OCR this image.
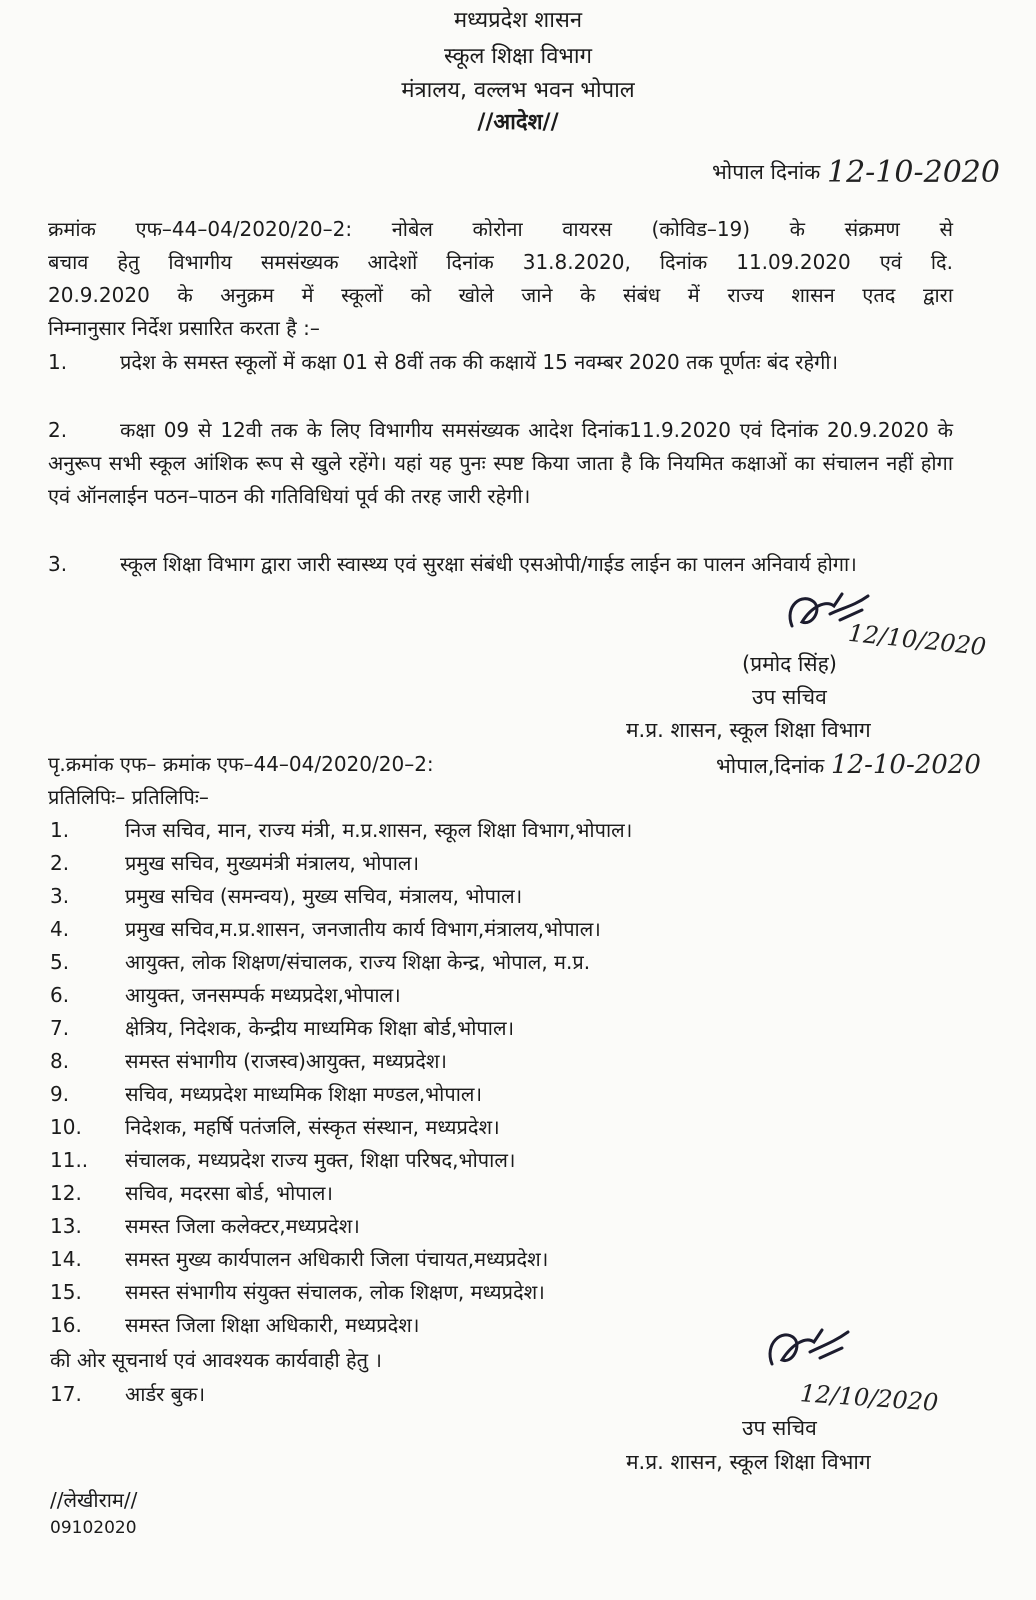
मध्यप्रदेश शासन
स्कूल शिक्षा विभाग
मंत्रालय, वल्लभ भवन भोपाल
//आदेश//
भोपाल दिनांक 12-10-2020
क्रमांक एफ–44–04/2020/20–2: नोबेल कोरोना वायरस (कोविड–19) के संक्रमण से
बचाव हेतु विभागीय समसंख्यक आदेशों दिनांक 31.8.2020, दिनांक 11.09.2020 एवं दि.
20.9.2020 के अनुक्रम में स्कूलों को खोले जाने के संबंध में राज्य शासन एतद द्वारा
निम्नानुसार निर्देश प्रसारित करता है :–
1.	प्रदेश के समस्त स्कूलों में कक्षा 01 से 8वीं तक की कक्षायें 15 नवम्बर 2020 तक पूर्णतः बंद रहेगी।
2.	कक्षा 09 से 12वी तक के लिए विभागीय समसंख्यक आदेश दिनांक11.9.2020 एवं दिनांक 20.9.2020 के अनुरूप सभी स्कूल आंशिक रूप से खुले रहेंगे। यहां यह पुनः स्पष्ट किया जाता है कि नियमित कक्षाओं का संचालन नहीं होगा एवं ऑनलाईन पठन–पाठन की गतिविधियां पूर्व की तरह जारी रहेगी।
3.	स्कूल शिक्षा विभाग द्वारा जारी स्वास्थ्य एवं सुरक्षा संबंधी एसओपी/गाईड लाईन का पालन अनिवार्य होगा।
12/10/2020
(प्रमोद सिंह)
उप सचिव
म.प्र. शासन, स्कूल शिक्षा विभाग
पृ.क्रमांक एफ– क्रमांक एफ–44–04/2020/20–2:	भोपाल,दिनांक 12-10-2020
प्रतिलिपिः– प्रतिलिपिः–
1.	निज सचिव, मान, राज्य मंत्री, म.प्र.शासन, स्कूल शिक्षा विभाग,भोपाल।
2.	प्रमुख सचिव, मुख्यमंत्री मंत्रालय, भोपाल।
3.	प्रमुख सचिव (समन्वय), मुख्य सचिव, मंत्रालय, भोपाल।
4.	प्रमुख सचिव,म.प्र.शासन, जनजातीय कार्य विभाग,मंत्रालय,भोपाल।
5.	आयुक्त, लोक शिक्षण/संचालक, राज्य शिक्षा केन्द्र, भोपाल, म.प्र.
6.	आयुक्त, जनसम्पर्क मध्यप्रदेश,भोपाल।
7.	क्षेत्रिय, निदेशक, केन्द्रीय माध्यमिक शिक्षा बोर्ड,भोपाल।
8.	समस्त संभागीय (राजस्व)आयुक्त, मध्यप्रदेश।
9.	सचिव, मध्यप्रदेश माध्यमिक शिक्षा मण्डल,भोपाल।
10. निदेशक, महर्षि पतंजलि, संस्कृत संस्थान, मध्यप्रदेश।
11.. संचालक, मध्यप्रदेश राज्य मुक्त, शिक्षा परिषद,भोपाल।
12. सचिव, मदरसा बोर्ड, भोपाल।
13. समस्त जिला कलेक्टर,मध्यप्रदेश।
14. समस्त मुख्य कार्यपालन अधिकारी जिला पंचायत,मध्यप्रदेश।
15. समस्त संभागीय संयुक्त संचालक, लोक शिक्षण, मध्यप्रदेश।
16. समस्त जिला शिक्षा अधिकारी, मध्यप्रदेश।
की ओर सूचनार्थ एवं आवश्यक कार्यवाही हेतु ।
17. आर्डर बुक।	12/10/2020
उप सचिव
म.प्र. शासन, स्कूल शिक्षा विभाग
//लेखीराम//
09102020
